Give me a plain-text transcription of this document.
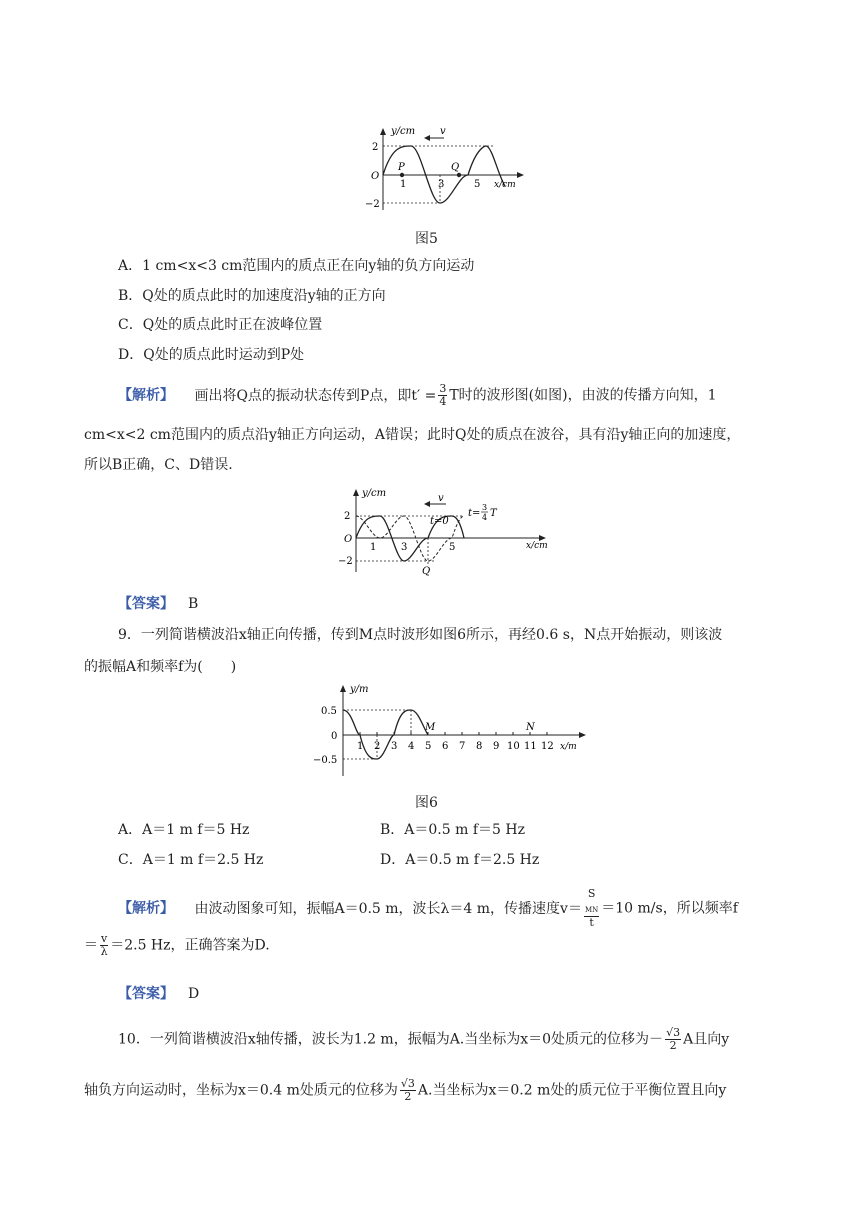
y/cm v
2
−2
O
1	3	5
P	Q
x/cm
图5
A．1 cm<x<3 cm范围内的质点正在向y轴的负方向运动
B．Q处的质点此时的加速度沿y轴的正方向
C．Q处的质点此时正在波峰位置
D．Q处的质点此时运动到P处
【解析】 画出将Q点的振动状态传到P点，即$t' = \frac{3}{4}$ T时的波形图(如图)，由波的传播方向知，1
cm<x<2 cm范围内的质点沿y轴正方向运动，A错误；此时Q处的质点在波谷，具有沿y轴正向的加速度，
所以B正确，C、D错误.
y/cm	v
t=0
t=
3
4 T
2
−2
O
1 3	5
Q
x/cm
【答案】 B
9．一列简谐横波沿x轴正向传播，传到M点时波形如图6所示，再经0.6 s，N点开始振动，则该波
的振幅A和频率f为(　　)
y/m
0.5
−0.5
0
M	N
1 2 3 4 5 6 7 8 9 10 11 12 x/m
图6
A．A＝1 m f＝5 Hz	B．A＝0.5 m f＝5 Hz
C．A＝1 m f＝2.5 Hz	D．A＝0.5 m f＝2.5 Hz
【解析】 由波动图象可知，振幅A＝0.5 m，波长λ＝4 m，传播速度v＝ S
$_{MN}$
t ＝10 m/s，所以频率f
＝ $\frac{v}{\lambda} =2.5$ Hz，正确答案为D.
【答案】 D
10．一列简谐横波沿x轴传播，波长为1.2 m，振幅为A.当坐标为x＝0处质元的位移为－ $\frac{√3}{2}$ A且向y
轴负方向运动时，坐标为x＝0.4 m处质元的位移为 $\frac{√3}{2} A$.当坐标为x＝0.2 m处的质元位于平衡位置且向y
